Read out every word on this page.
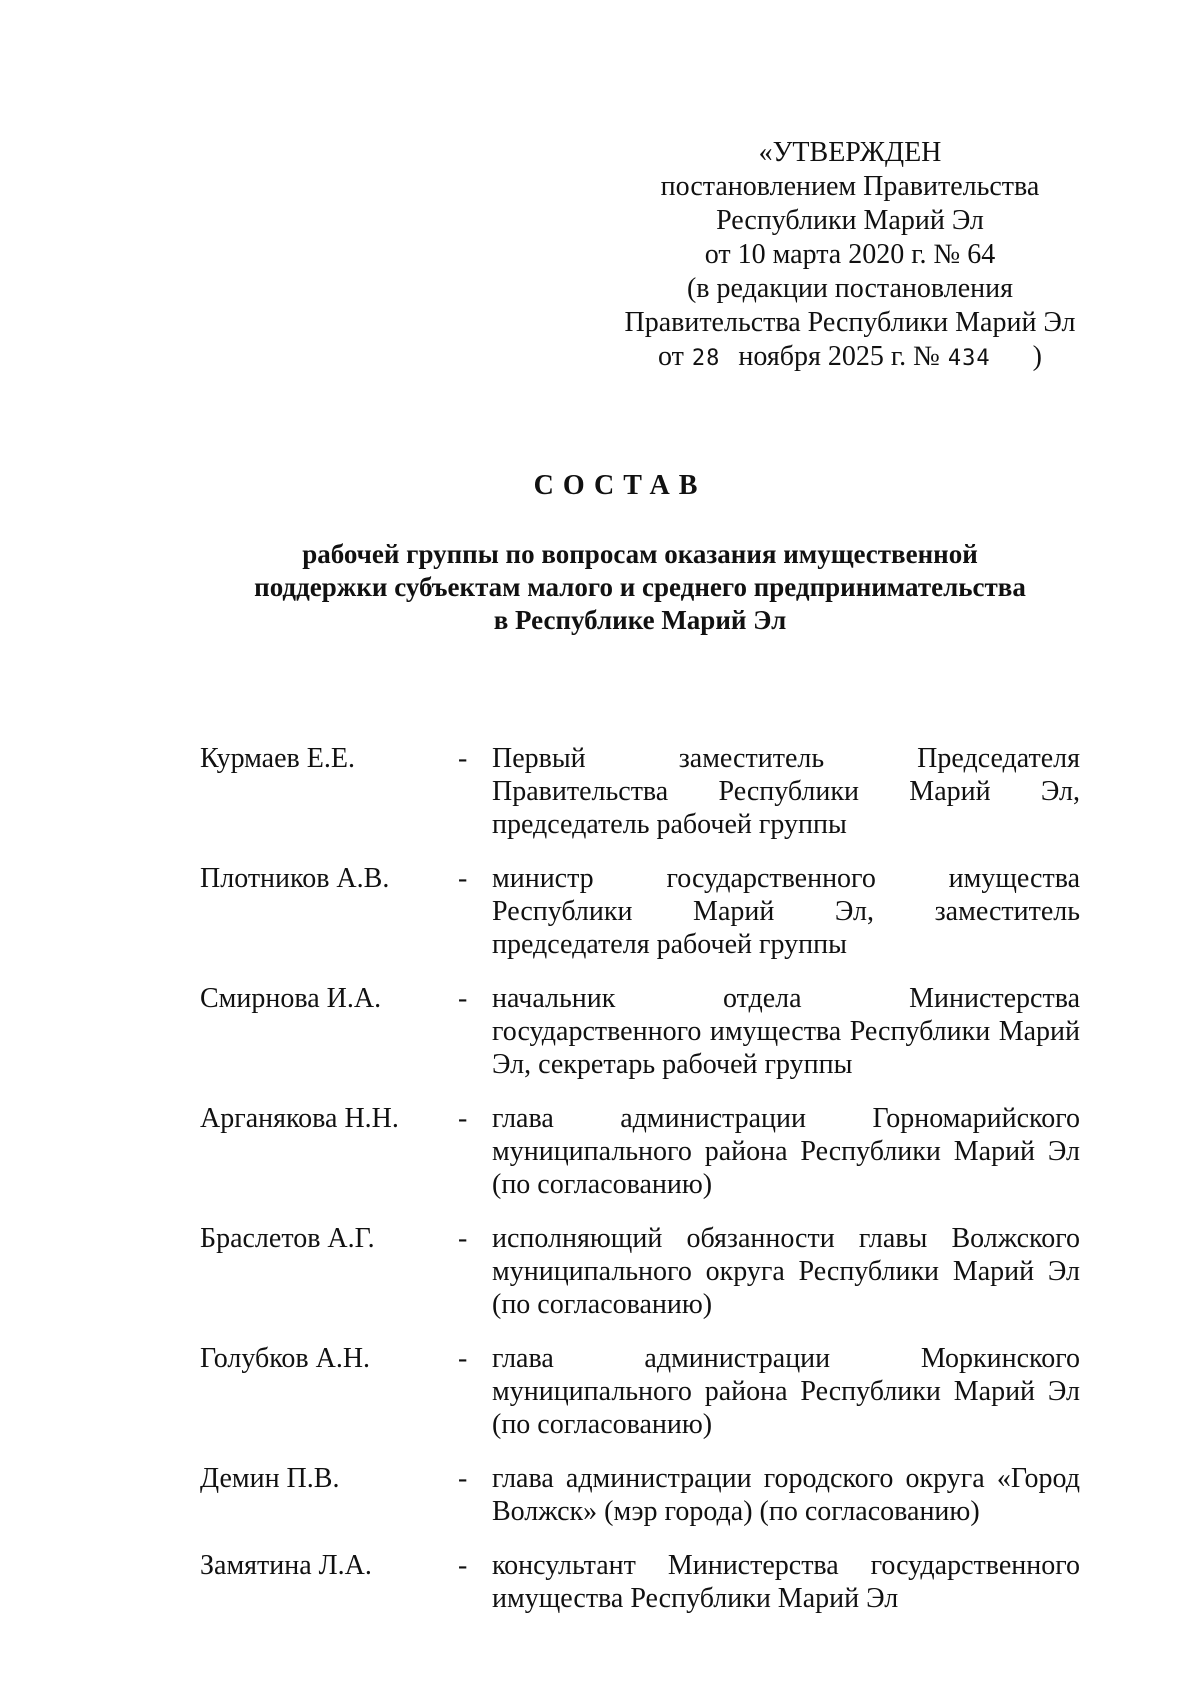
«УТВЕРЖДЕН
постановлением Правительства
Республики Марий Эл
от 10 марта 2020 г. № 64
(в редакции постановления
Правительства Республики Марий Эл
от 28 ноября 2025 г. № 434 )
СОСТАВ
рабочей группы по вопросам оказания имущественной
поддержки субъектам малого и среднего предпринимательства
в Республике Марий Эл
Курмаев Е.Е.	- Первый заместитель Председателя Правительства Республики Марий Эл, председатель рабочей группы
Плотников А.В.	- министр государственного имущества Республики Марий Эл, заместитель председателя рабочей группы
Смирнова И.А.	- начальник отдела Министерства государственного имущества Республики Марий Эл, секретарь рабочей группы
Арганякова Н.Н.	- глава администрации Горномарийского муниципального района Республики Марий Эл (по согласованию)
Браслетов А.Г.	- исполняющий обязанности главы Волжского муниципального округа Республики Марий Эл (по согласованию)
Голубков А.Н.	- глава администрации Моркинского муниципального района Республики Марий Эл (по согласованию)
Демин П.В.	- глава администрации городского округа «Город Волжск» (мэр города) (по согласованию)
Замятина Л.А.	- консультант Министерства государственного имущества Республики Марий Эл
